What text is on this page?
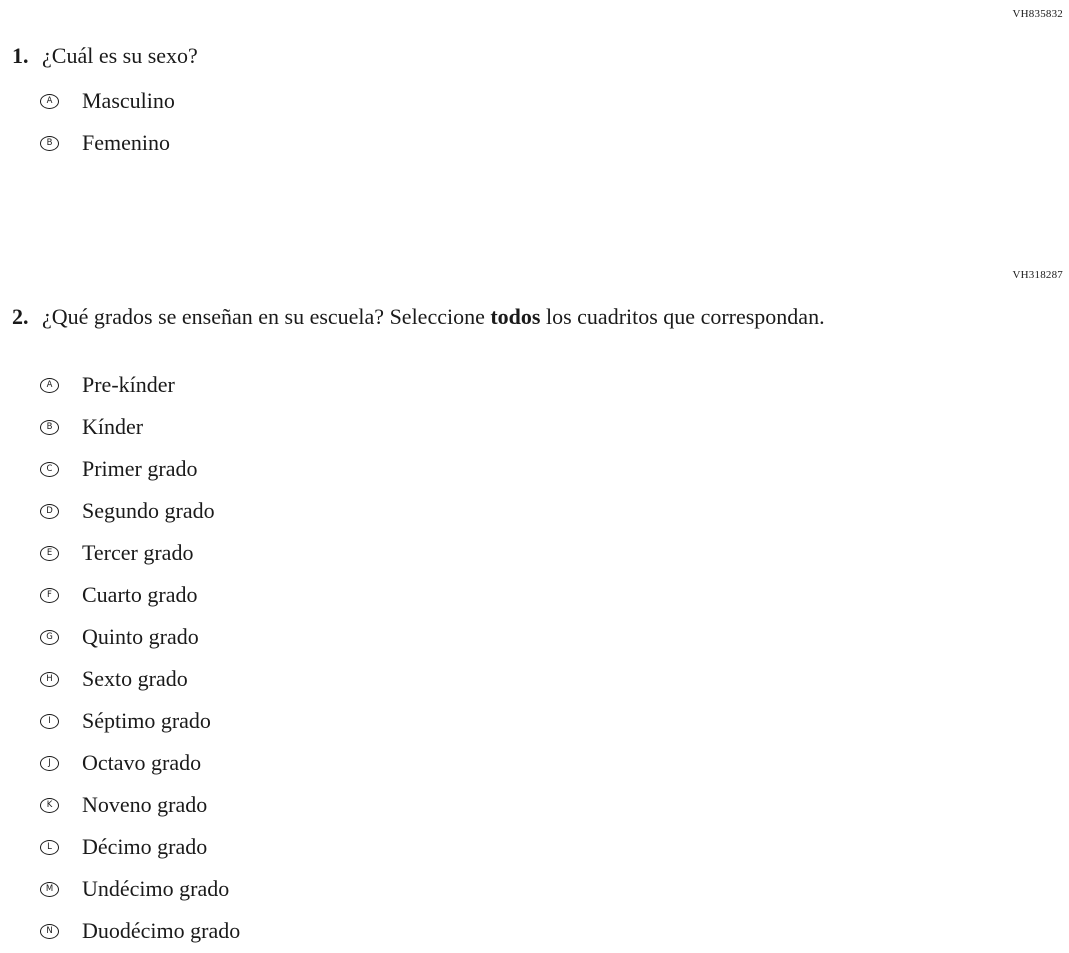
VH835832
1. ¿Cuál es su sexo?
A Masculino
B Femenino
VH318287
2. ¿Qué grados se enseñan en su escuela? Seleccione todos los cuadritos que correspondan.
A Pre-kínder
B Kínder
C Primer grado
D Segundo grado
E	Tercer grado
F	Cuarto grado
G Quinto grado
H Sexto grado
I	Séptimo grado
J	Octavo grado
K	Noveno grado
L	Décimo grado
M Undécimo grado
N Duodécimo grado
